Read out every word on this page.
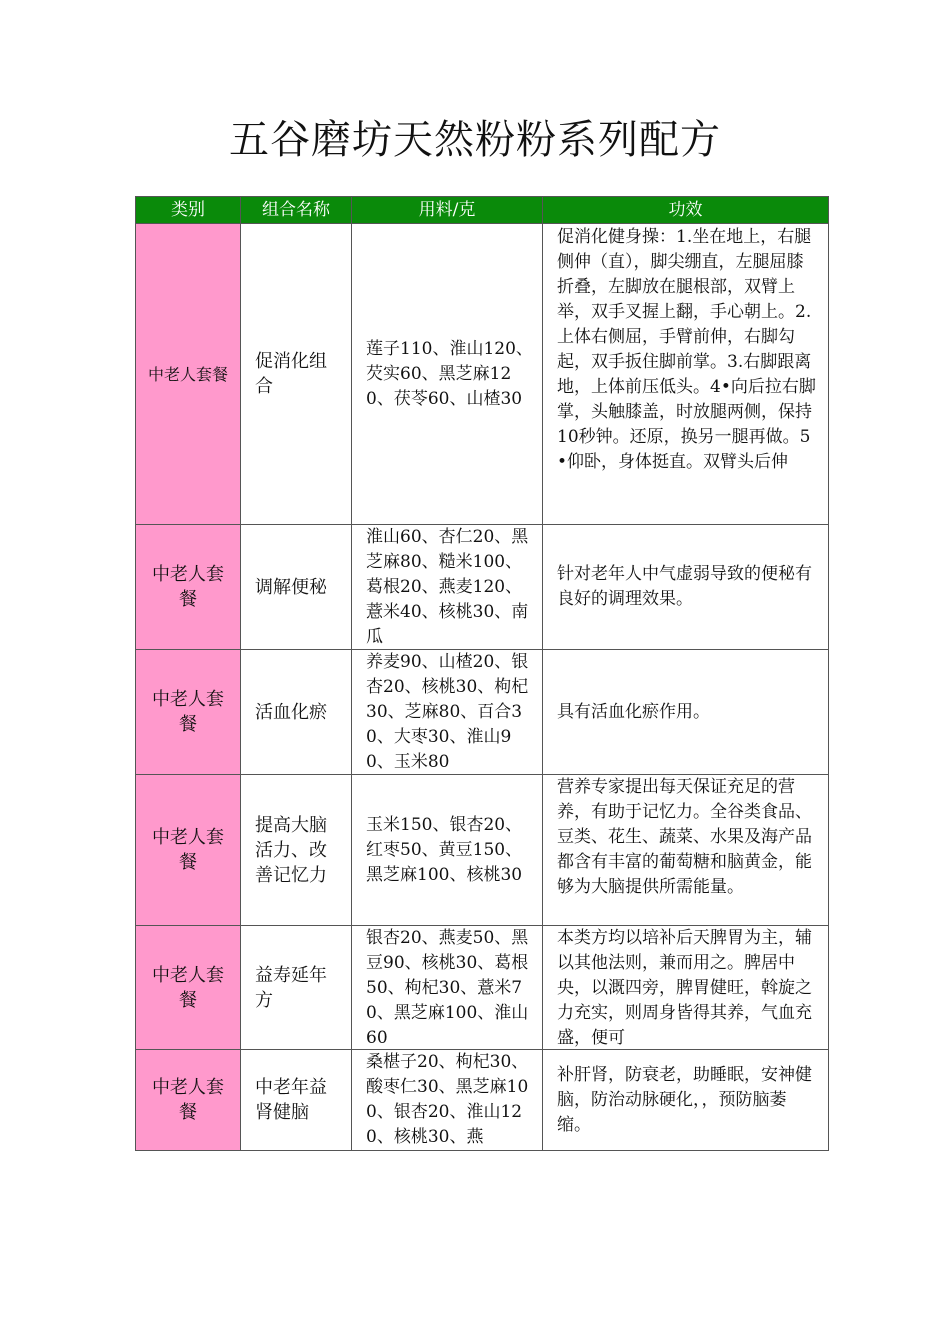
五谷磨坊天然粉粉系列配方
类别	组合名称	用料/克	功效
中老人套餐	促消化组合	莲子110、淮山120、芡实60、黑芝麻120、茯苓60、山楂30	促消化健身操：1.坐在地上，右腿侧伸（直），脚尖绷直，左腿屈膝折叠，左脚放在腿根部，双臂上举，双手叉握上翻，手心朝上。2.上体右侧屈，手臂前伸，右脚勾起，双手扳住脚前掌。3.右脚跟离地，上体前压低头。4•向后拉右脚掌，头触膝盖，时放腿两侧，保持10秒钟。还原，换另一腿再做。5•仰卧，身体挺直。双臂头后伸

中老人套餐	调解便秘	淮山60、杏仁20、黑芝麻80、糙米100、葛根20、燕麦120、薏米40、核桃30、南瓜	针对老年人中气虚弱导致的便秘有良好的调理效果。
中老人套餐	活血化瘀	养麦90、山楂20、银杏20、核桃30、枸杞30、芝麻80、百合30、大枣30、淮山90、玉米80	具有活血化瘀作用。
中老人套餐	提高大脑活力、改善记忆力	玉米150、银杏20、红枣50、黄豆150、黑芝麻100、核桃30	营养专家提出每天保证充足的营养，有助于记忆力。全谷类食品、豆类、花生、蔬菜、水果及海产品都含有丰富的葡萄糖和脑黄金，能够为大脑提供所需能量。

中老人套餐	益寿延年方	银杏20、燕麦50、黑豆90、核桃30、葛根50、枸杞30、薏米70、黑芝麻100、淮山60	本类方均以培补后天脾胃为主，辅以其他法则，兼而用之。脾居中央，以溉四旁，脾胃健旺，斡旋之力充实，则周身皆得其养，气血充盛，便可

中老人套餐	中老年益肾健脑	桑椹子20、枸杞30、酸枣仁30、黑芝麻100、银杏20、淮山120、核桃30、燕	补肝肾，防衰老，助睡眠，安神健脑，防治动脉硬化，，预防脑萎缩。
